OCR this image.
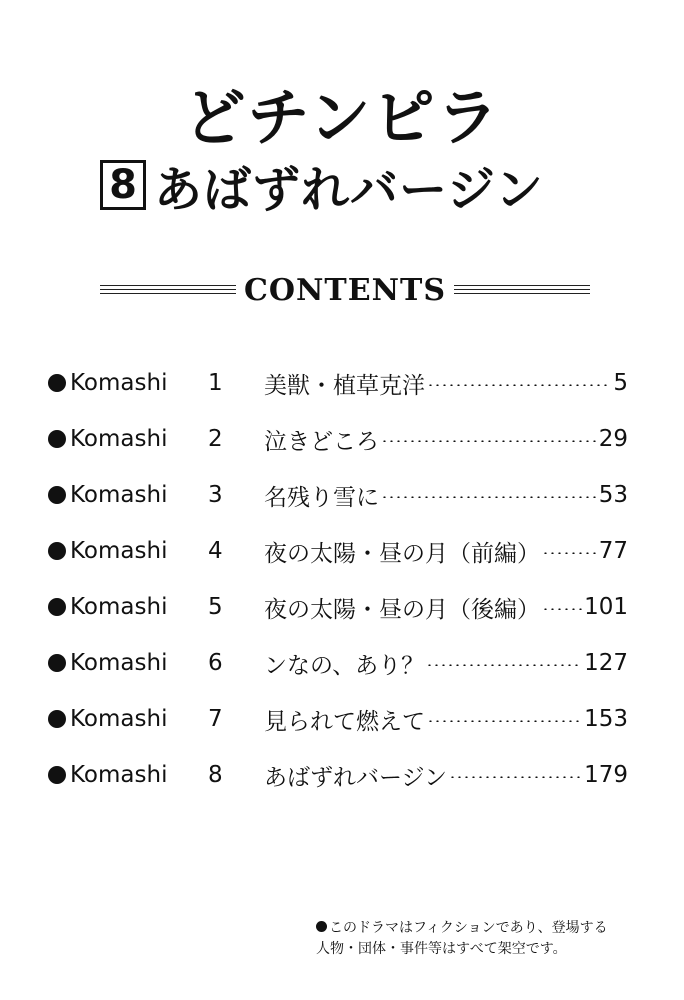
どチンピラ
8 あばずれバージン
CONTENTS
Komashi	1	美獣・植草克洋	5
Komashi	2	泣きどころ	29
Komashi	3	名残り雪に	53
Komashi	4	夜の太陽・昼の月（前編）	77
Komashi	5	夜の太陽・昼の月（後編） 101
Komashi	6	ンなの、あり？	127
Komashi	7	見られて燃えて	153
Komashi	8	あばずれバージン	179
このドラマはフィクションであり、登場する
人物・団体・事件等はすべて架空です。
